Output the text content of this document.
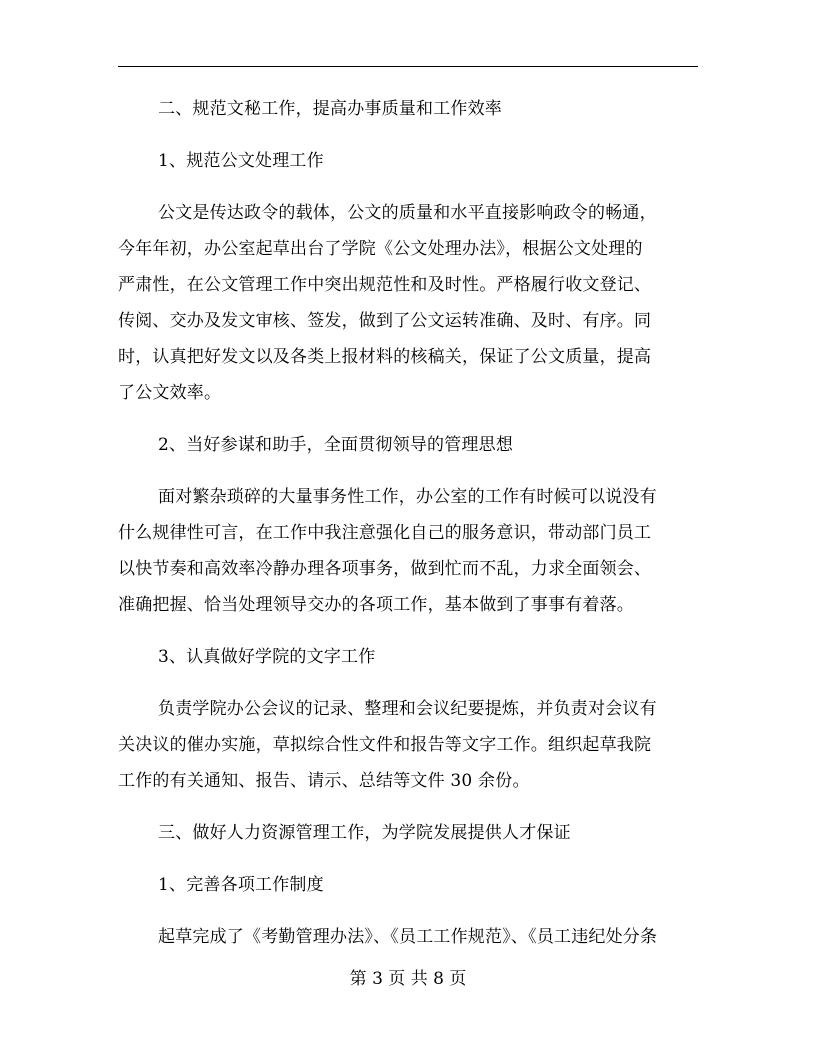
二、规范文秘工作，提高办事质量和工作效率
1、规范公文处理工作
公文是传达政令的载体，公文的质量和水平直接影响政令的畅通，
今年年初，办公室起草出台了学院《公文处理办法》，根据公文处理的
严肃性，在公文管理工作中突出规范性和及时性。严格履行收文登记、
传阅、交办及发文审核、签发，做到了公文运转准确、及时、有序。同
时，认真把好发文以及各类上报材料的核稿关，保证了公文质量，提高
了公文效率。
2、当好参谋和助手，全面贯彻领导的管理思想
面对繁杂琐碎的大量事务性工作，办公室的工作有时候可以说没有
什么规律性可言，在工作中我注意强化自己的服务意识，带动部门员工
以快节奏和高效率冷静办理各项事务，做到忙而不乱，力求全面领会、
准确把握、恰当处理领导交办的各项工作，基本做到了事事有着落。
3、认真做好学院的文字工作
负责学院办公会议的记录、整理和会议纪要提炼，并负责对会议有
关决议的催办实施，草拟综合性文件和报告等文字工作。组织起草我院
工作的有关通知、报告、请示、总结等文件 30 余份。
三、做好人力资源管理工作，为学院发展提供人才保证
1、完善各项工作制度
起草完成了《考勤管理办法》、《员工工作规范》、《员工违纪处分条
第 3 页 共 8 页
